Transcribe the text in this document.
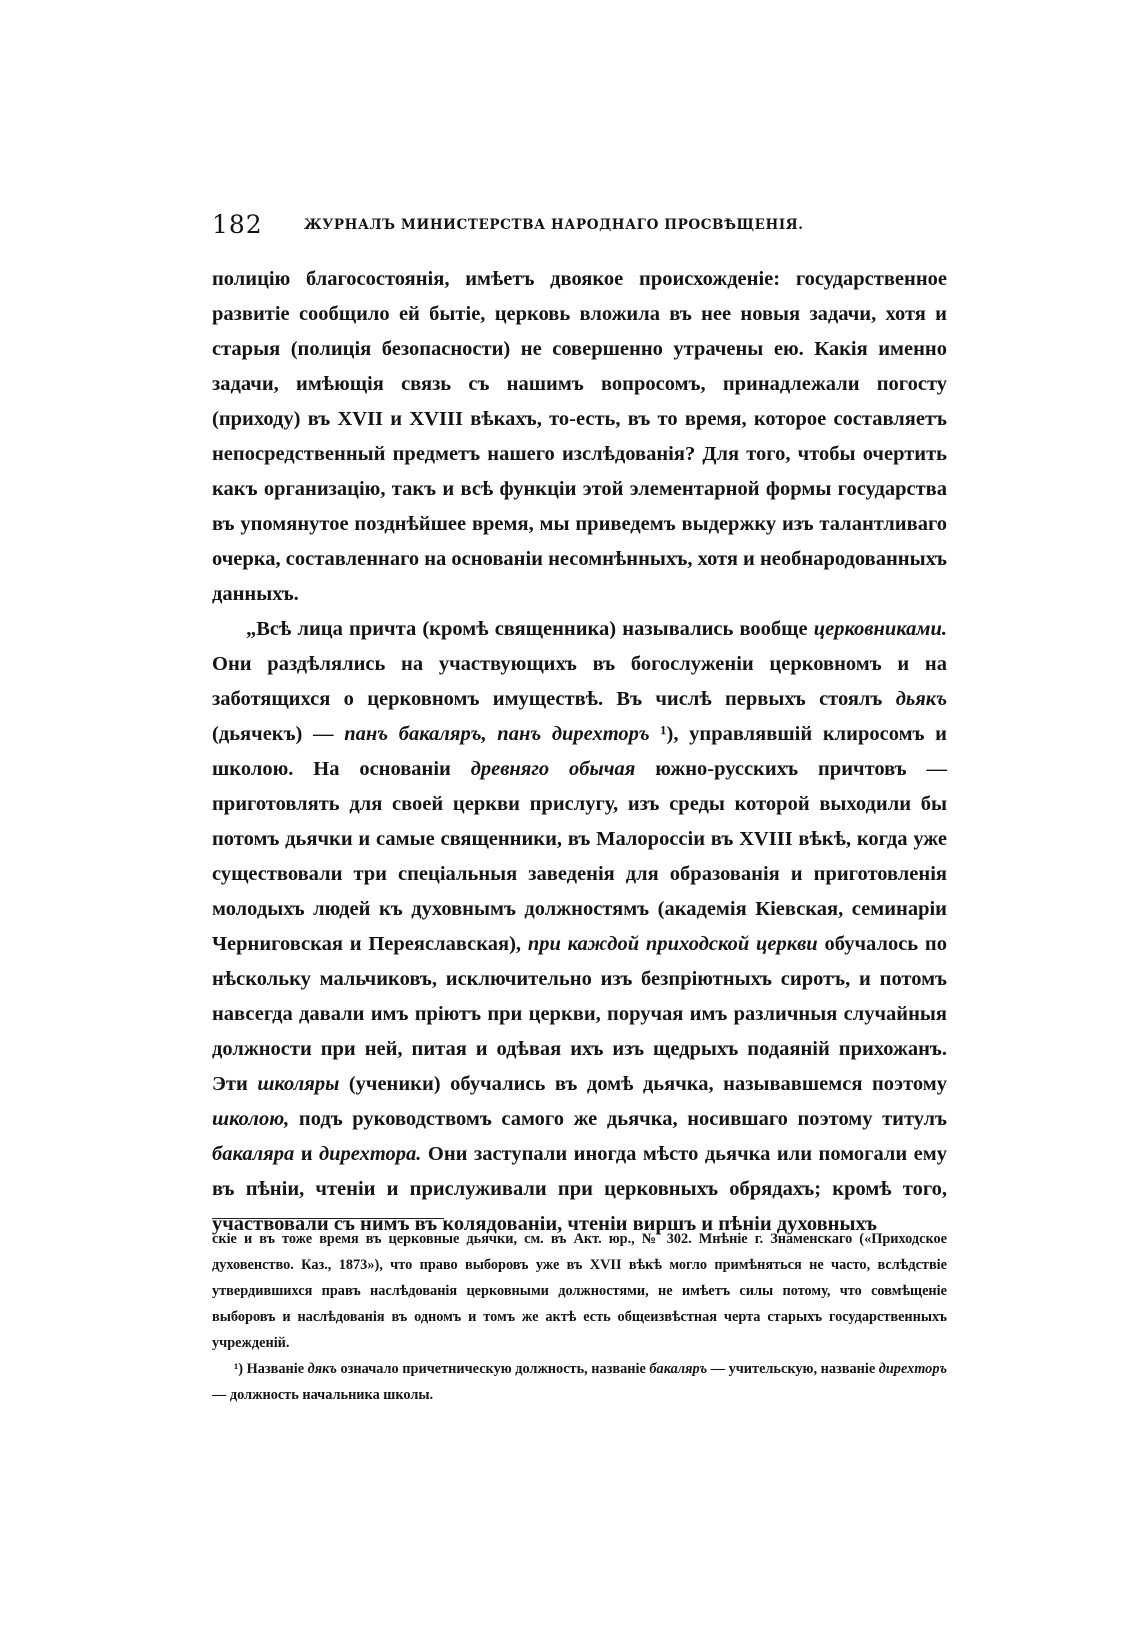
182	ЖУРНАЛЪ МИНИСТЕРСТВА НАРОДНАГО ПРОСВѢЩЕНІЯ.

полицію благосостоянія, имѣетъ двоякое происхожденіе: государственное развитіе сообщило ей бытіе, церковь вложила въ нее новыя задачи, хотя и старыя (полиція безопасности) не совершенно утрачены ею. Какія именно задачи, имѣющія связь съ нашимъ вопросомъ, принадлежали погосту (приходу) въ XVII и XVIII вѣкахъ, то-есть, въ то время, которое составляетъ непосредственный предметъ нашего изслѣдованія? Для того, чтобы очертить какъ организацію, такъ и всѣ функціи этой элементарной формы государства въ упомянутое позднѣйшее время, мы приведемъ выдержку изъ талантливаго очерка, составленнаго на основаніи несомнѣнныхъ, хотя и необнародованныхъ данныхъ.

„Всѣ лица причта (кромѣ священника) назывались вообще церковниками. Они раздѣлялись на участвующихъ въ богослуженіи церковномъ и на заботящихся о церковномъ имуществѣ. Въ числѣ первыхъ стоялъ дьякъ (дьячекъ) — панъ бакаляръ, панъ дирехторъ ¹), управлявшій клиросомъ и школою. На основаніи древняго обычая южно-русскихъ причтовъ — приготовлять для своей церкви прислугу, изъ среды которой выходили бы потомъ дьячки и самые священники, въ Малороссіи въ XVIII вѣкѣ, когда уже существовали три спеціальныя заведенія для образованія и приготовленія молодыхъ людей къ духовнымъ должностямъ (академія Кіевская, семинаріи Черниговская и Переяславская), при каждой приходской церкви обучалось по нѣскольку мальчиковъ, исключительно изъ безпріютныхъ сиротъ, и потомъ навсегда давали имъ пріютъ при церкви, поручая имъ различныя случайныя должности при ней, питая и одѣвая ихъ изъ щедрыхъ подаяній прихожанъ. Эти школяры (ученики) обучались въ домѣ дьячка, называвшемся поэтому школою, подъ руководствомъ самого же дьячка, носившаго поэтому титулъ бакаляра и дирехтора. Они заступали иногда мѣсто дьячка или помогали ему въ пѣніи, чтеніи и прислуживали при церковныхъ обрядахъ; кромѣ того, участвовали съ нимъ въ колядованіи, чтеніи виршъ и пѣніи духовныхъ

скіе и въ тоже время въ церковные дьячки, см. въ Акт. юр., № 302. Мнѣніе г. Знаменскаго («Приходское духовенство. Каз., 1873»), что право выборовъ уже въ XVII вѣкѣ могло примѣняться не часто, вслѣдствіе утвердившихся правъ наслѣдованія церковными должностями, не имѣетъ силы потому, что совмѣщеніе выборовъ и наслѣдованія въ одномъ и томъ же актѣ есть общеизвѣстная черта старыхъ государственныхъ учрежденій.

¹) Названіе дякъ означало причетническую должность, названіе бакаляръ — учительскую, названіе дирехторъ — должность начальника школы.
